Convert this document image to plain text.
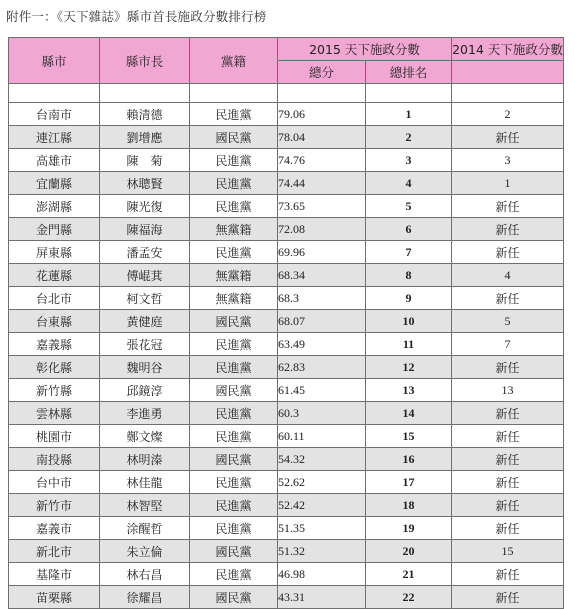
附件一：《天下雜誌》縣市首長施政分數排行榜
縣市	縣市長	黨籍	2015 天下施政分數		2014 天下施政分數
			總分	總排名	

台南市	賴清德	民進黨	79.06	1	2
連江縣	劉增應	國民黨	78.04	2	新任
高雄市	陳　菊	民進黨	74.76	3	3
宜蘭縣	林聰賢	民進黨	74.44	4	1
澎湖縣	陳光復	民進黨	73.65	5	新任
金門縣	陳福海	無黨籍	72.08	6	新任
屏東縣	潘孟安	民進黨	69.96	7	新任
花蓮縣	傅崐萁	無黨籍	68.34	8	4
台北市	柯文哲	無黨籍	68.3	9	新任
台東縣	黃健庭	國民黨	68.07	10	5
嘉義縣	張花冠	民進黨	63.49	11	7
彰化縣	魏明谷	民進黨	62.83	12	新任
新竹縣	邱鏡淳	國民黨	61.45	13	13
雲林縣	李進勇	民進黨	60.3	14	新任
桃園市	鄭文燦	民進黨	60.11	15	新任
南投縣	林明溱	國民黨	54.32	16	新任
台中市	林佳龍	民進黨	52.62	17	新任
新竹市	林智堅	民進黨	52.42	18	新任
嘉義市	涂醒哲	民進黨	51.35	19	新任
新北市	朱立倫	國民黨	51.32	20	15
基隆市	林右昌	民進黨	46.98	21	新任
苗栗縣	徐耀昌	國民黨	43.31	22	新任
